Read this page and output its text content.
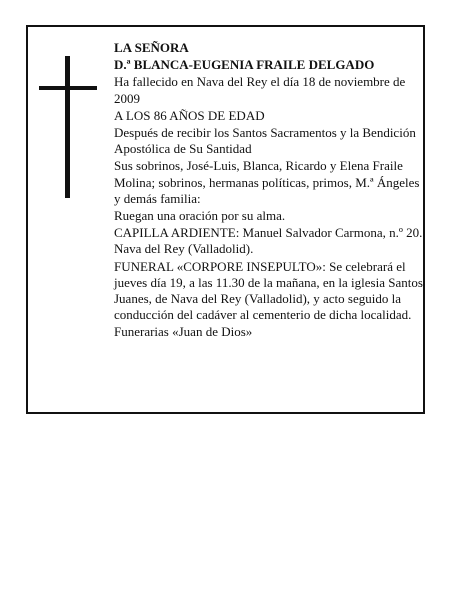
LA SEÑORA

D.ª BLANCA-EUGENIA FRAILE DELGADO

Ha fallecido en Nava del Rey el día 18 de noviembre de 2009

A LOS 86 AÑOS DE EDAD

Después de recibir los Santos Sacramentos y la Bendición Apostólica de Su Santidad

Sus sobrinos, José-Luis, Blanca, Ricardo y Elena Fraile Molina; sobrinos, hermanas políticas, primos, M.ª Ángeles y demás familia:

Ruegan una oración por su alma.

CAPILLA ARDIENTE: Manuel Salvador Carmona, n.º 20. Nava del Rey (Valladolid).

FUNERAL «CORPORE INSEPULTO»: Se celebrará el jueves día 19, a las 11.30 de la mañana, en la iglesia Santos Juanes, de Nava del Rey (Valladolid), y acto seguido la conducción del cadáver al cementerio de dicha localidad.

Funerarias «Juan de Dios»
